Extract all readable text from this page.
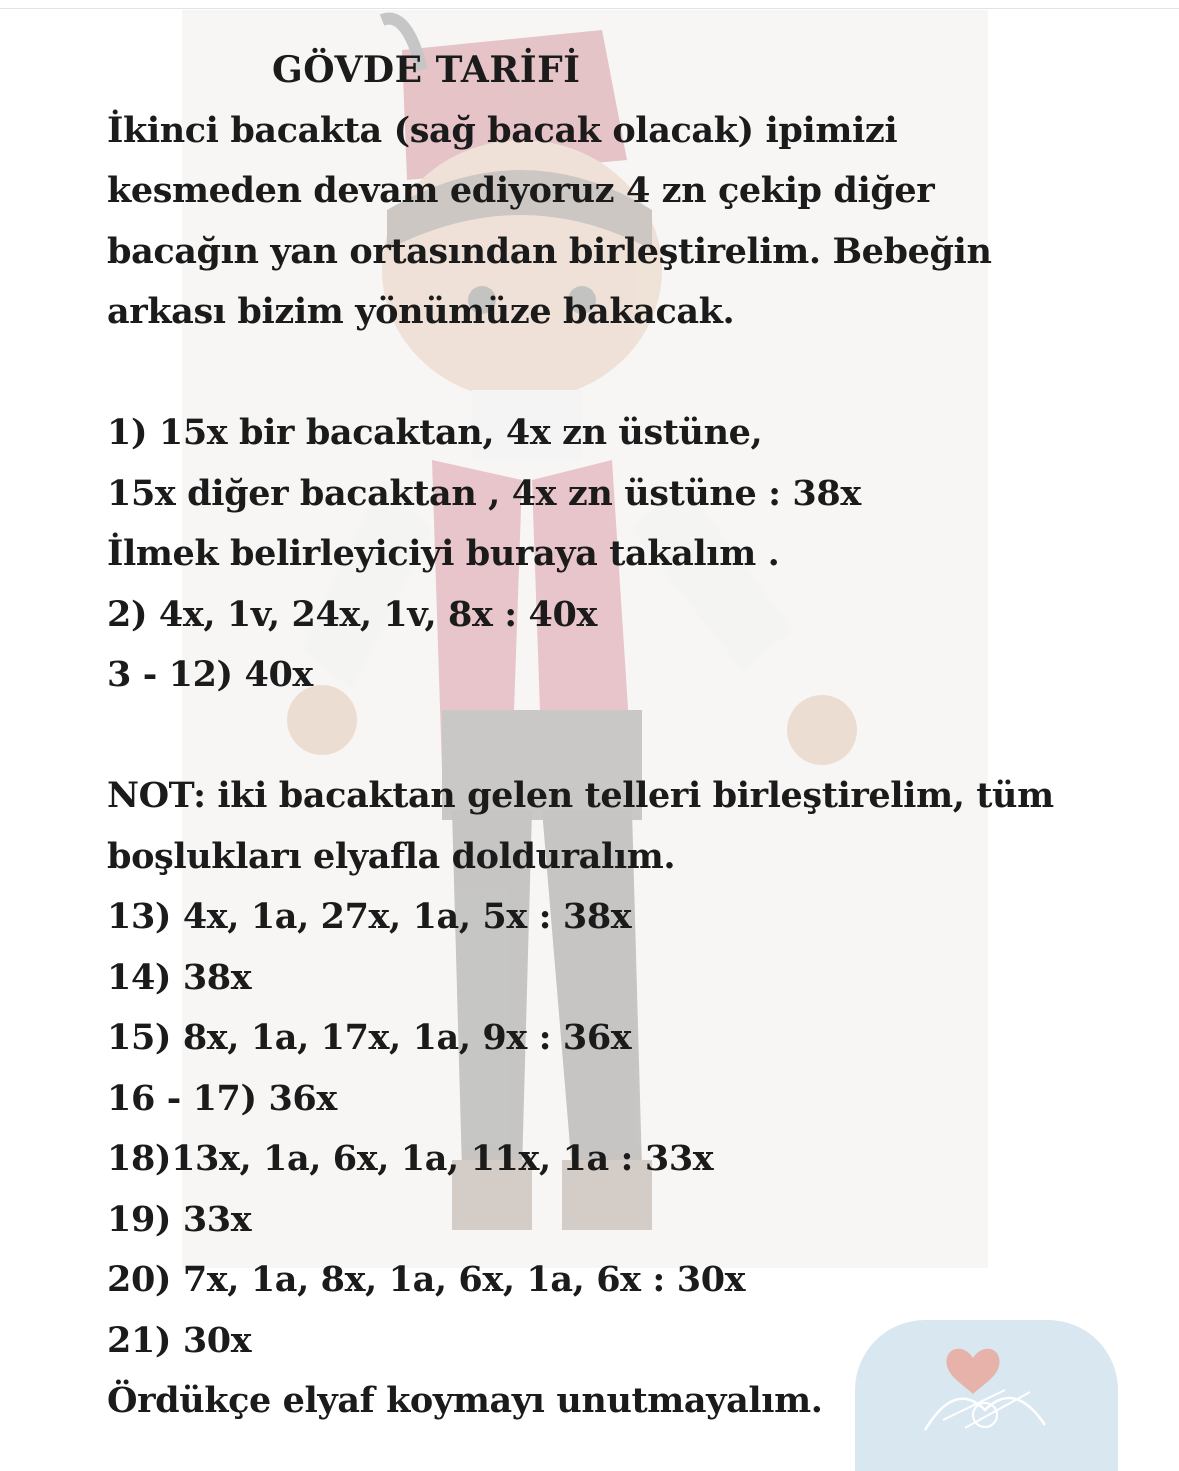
GÖVDE TARİFİ
İkinci bacakta (sağ bacak olacak) ipimizi
kesmeden devam ediyoruz 4 zn çekip diğer
bacağın yan ortasından birleştirelim. Bebeğin
arkası bizim yönümüze bakacak.
1) 15x bir bacaktan, 4x zn üstüne,
15x diğer bacaktan , 4x zn üstüne : 38x
İlmek belirleyiciyi buraya takalım .
2) 4x, 1v, 24x, 1v, 8x : 40x
3 - 12) 40x
NOT: iki bacaktan gelen telleri birleştirelim, tüm
boşlukları elyafla dolduralım.
13) 4x, 1a, 27x, 1a, 5x : 38x
14) 38x
15) 8x, 1a, 17x, 1a, 9x : 36x
16 - 17) 36x
18)13x, 1a, 6x, 1a, 11x, 1a : 33x
19) 33x
20) 7x, 1a, 8x, 1a, 6x, 1a, 6x : 30x
21) 30x
Ördükçe elyaf koymayı unutmayalım.
